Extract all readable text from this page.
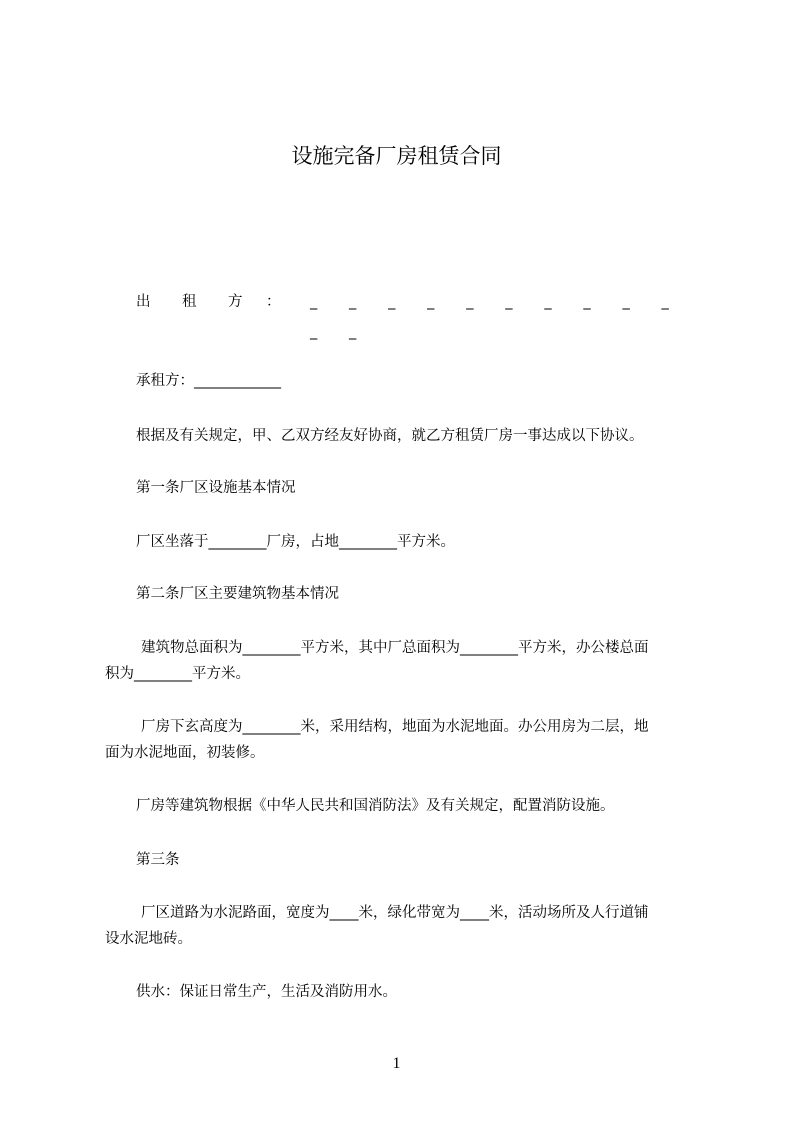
设施完备厂房租赁合同
出 租 方 ： _ _ _ _ _ _ _ _ _ _ _ _
承租方：____________
根据及有关规定，甲、乙双方经友好协商，就乙方租赁厂房一事达成以下协议。
第一条厂区设施基本情况
厂区坐落于________厂房，占地________平方米。
第二条厂区主要建筑物基本情况
建筑物总面积为________平方米，其中厂总面积为________平方米，办公楼总面
积为________平方米。
厂房下玄高度为________米，采用结构，地面为水泥地面。办公用房为二层，地
面为水泥地面，初装修。
厂房等建筑物根据《中华人民共和国消防法》及有关规定，配置消防设施。
第三条
厂区道路为水泥路面，宽度为____米，绿化带宽为____米，活动场所及人行道铺
设水泥地砖。
供水：保证日常生产，生活及消防用水。
1
